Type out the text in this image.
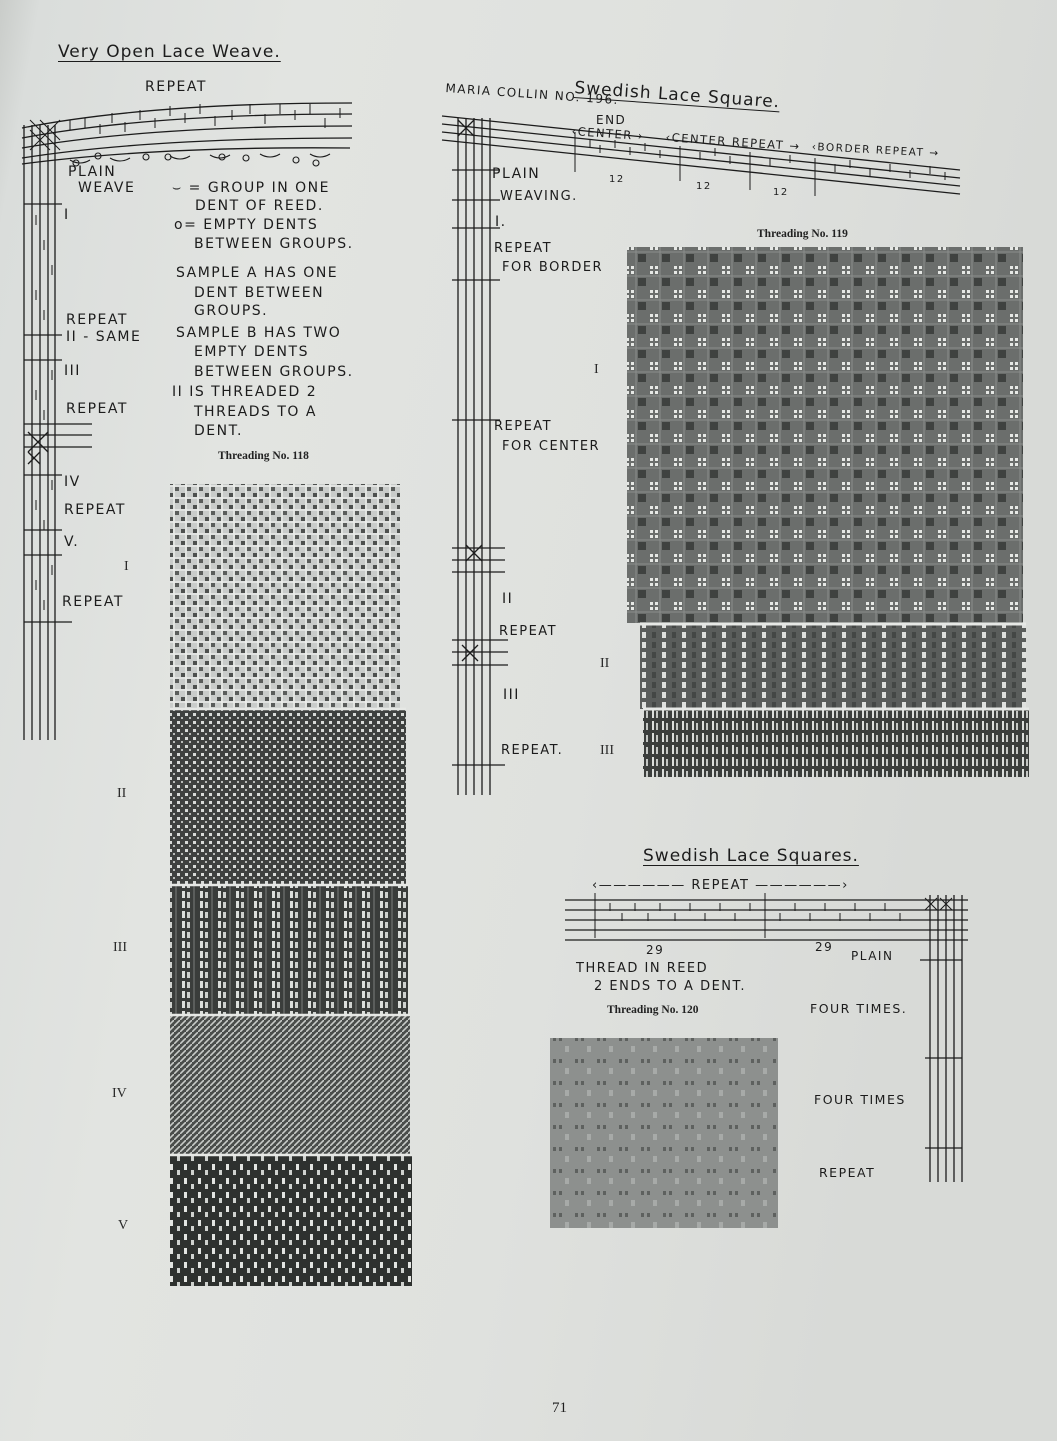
Very Open Lace Weave.
REPEAT
PLAIN
WEAVE	⌣ = GROUP IN ONE
DENT OF REED.
o= EMPTY DENTS
BETWEEN GROUPS.
SAMPLE A HAS ONE
DENT BETWEEN
GROUPS.
SAMPLE B HAS TWO
EMPTY DENTS
BETWEEN GROUPS.
II IS THREADED 2
THREADS TO A
DENT.
I
REPEAT
II - SAME
III
REPEAT
IV
REPEAT
V.
REPEAT
Threading No. 118
I
II
III
IV
V
Swedish Lace Square.
MARIA COLLIN NO. 196.
END
‹CENTER › ‹CENTER REPEAT → ‹BORDER REPEAT →
12
12
12
PLAIN
WEAVING.
I.
REPEAT
FOR BORDER
REPEAT
FOR CENTER
II
REPEAT
III
REPEAT.
Threading No. 119
I
II
III
Swedish Lace Squares.
‹—————— REPEAT ——————›
29	29
PLAIN
THREAD IN REED
2 ENDS TO A DENT.
Threading No. 120	FOUR TIMES.
FOUR TIMES
REPEAT
71
